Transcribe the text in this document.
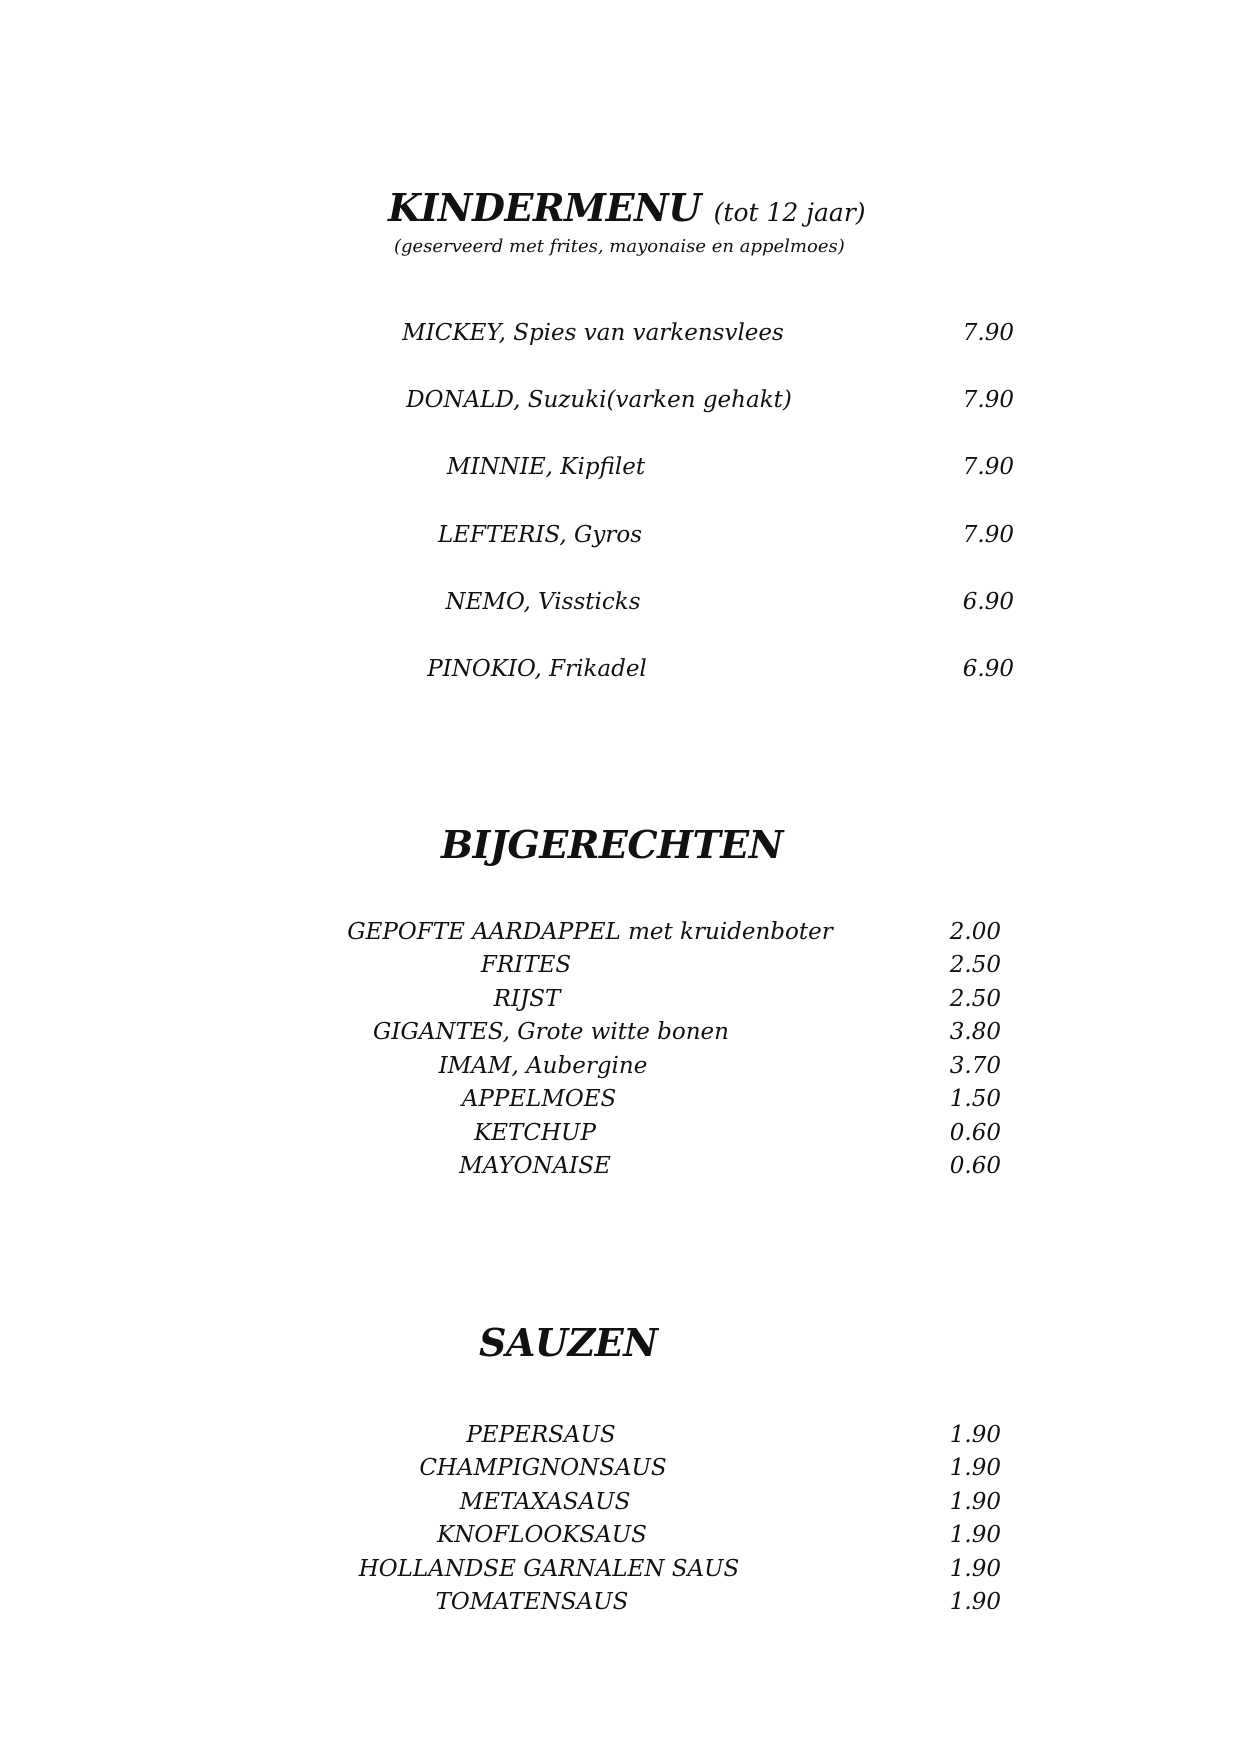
KINDERMENU (tot 12 jaar)
(geserveerd met frites, mayonaise en appelmoes)
MICKEY, Spies van varkensvlees	7.90
DONALD, Suzuki(varken gehakt)	7.90
MINNIE, Kipfilet	7.90
LEFTERIS, Gyros	7.90
NEMO, Vissticks	6.90
PINOKIO, Frikadel	6.90
BIJGERECHTEN
GEPOFTE AARDAPPEL met kruidenboter	2.00
FRITES	2.50
RIJST	2.50
GIGANTES, Grote witte bonen	3.80
IMAM, Aubergine	3.70
APPELMOES	1.50
KETCHUP	0.60
MAYONAISE	0.60
SAUZEN
PEPERSAUS	1.90
CHAMPIGNONSAUS	1.90
METAXASAUS	1.90
KNOFLOOKSAUS	1.90
HOLLANDSE GARNALEN SAUS	1.90
TOMATENSAUS	1.90
